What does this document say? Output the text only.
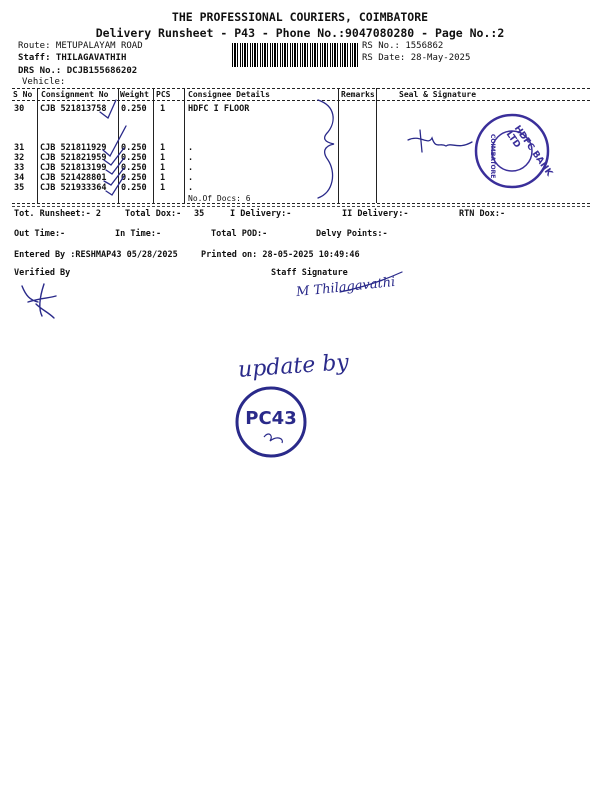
THE PROFESSIONAL COURIERS, COIMBATORE
Delivery Runsheet - P43 - Phone No.:9047080280 - Page No.:2
Route: METUPALAYAM ROAD
Staff: THILAGAVATHIH
DRS No.: DCJB155686202
Vehicle:
RS No.: 1556862
RS Date: 28-May-2025
S No Consignment No Weight PCS Consignee Details	Remarks	Seal & Signature
30 CJB 521813758 0.250 1	HDFC I FLOOR
31 CJB 521811929 0.250 1	.
32 CJB 521821959 0.250 1	.
33 CJB 521813199 0.250 1	.
34 CJB 521428801 0.250 1	.
35 CJB 521933364 0.250 1	.
No.Of Docs: 6
HDFC BANK LTD
COIMBATORE
Tot. Runsheet:- 2	Total Dox:- 35	I Delivery:-	II Delivery:-	RTN Dox:-
Out Time:-	In Time:-	Total POD:-	Delvy Points:-
Entered By :RESHMAP43 05/28/2025	Printed on: 28-05-2025 10:49:46
Verified By	Staff Signature
M Thilagavathi
update by
PC43
